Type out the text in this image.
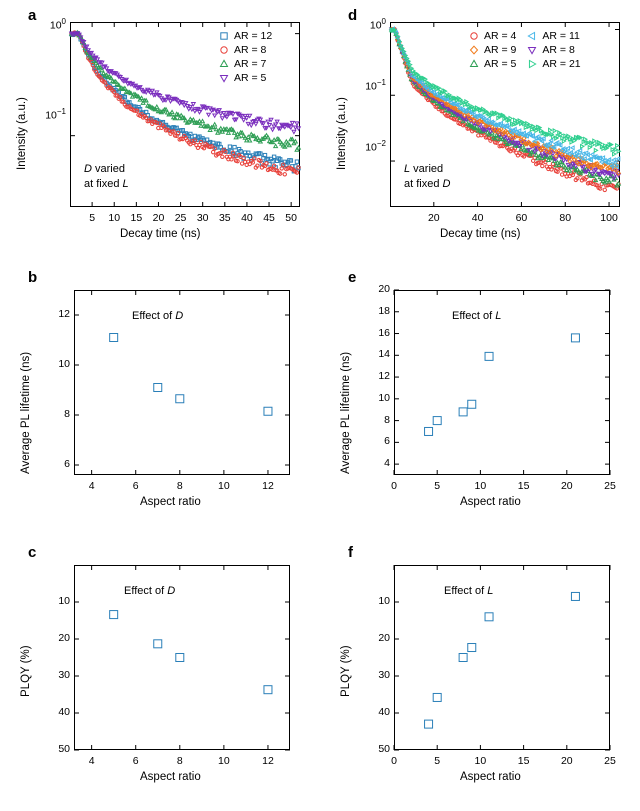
a
$10^0$
$10^{-1}$
5	10 15 20 25 30 35 40 45 50
Decay time (ns)
Intensity (a.u.)	D varied
at fixed L
AR = 12
AR = 8
AR = 7
AR = 5
d
$10^0$
$10^{-1}$
$10^{-2}$
20	40	60	80	100
Decay time (ns)
Intensity (a.u.)	L varied
at fixed D
AR = 4
AR = 9
AR = 5
AR = 11
AR = 8
AR = 21
b
6
8
10
12
4	6	8	10	12
Aspect ratio
Average PL lifetime (ns)
Effect of D
e
4
6
8
10
12
14
16
18
20
0	5	10	15	20	25
Aspect ratio
Average PL lifetime (ns)
Effect of L
c
10
20
30
40
50
4	6	8	10	12
Aspect ratio
PLQY (%)
Effect of D
f
10
20
30
40
50
0	5	10	15	20	25
Aspect ratio
PLQY (%)
Effect of L
